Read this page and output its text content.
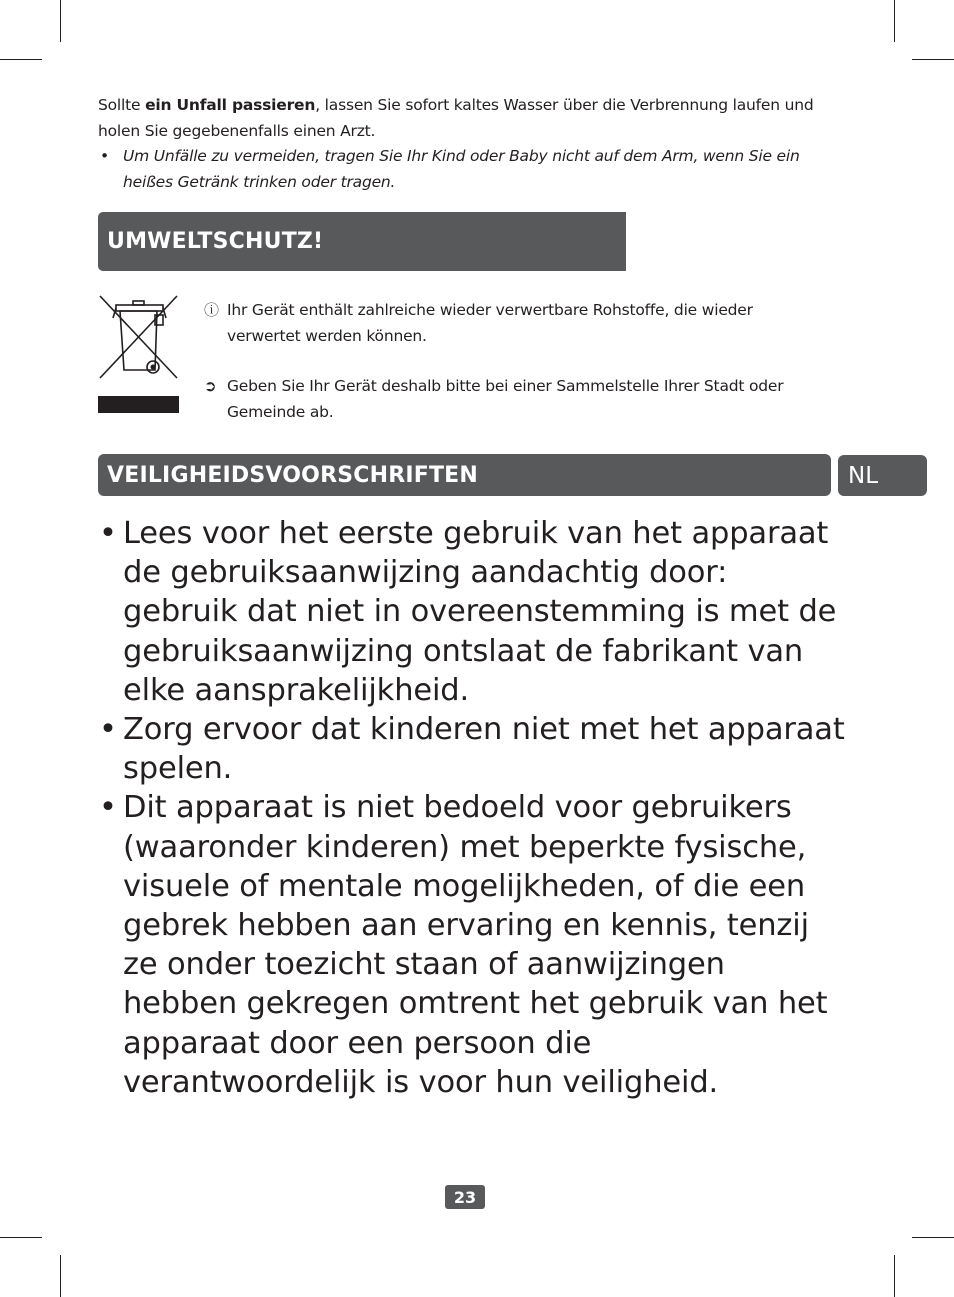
Sollte ein Unfall passieren, lassen Sie sofort kaltes Wasser über die Verbrennung laufen und holen Sie gegebenenfalls einen Arzt.

• Um Unfälle zu vermeiden, tragen Sie Ihr Kind oder Baby nicht auf dem Arm, wenn Sie ein heißes Getränk trinken oder tragen.

UMWELTSCHUTZ!
ⓘ Ihr Gerät enthält zahlreiche wieder verwertbare Rohstoffe, die wieder verwertet werden können.
➲ Geben Sie Ihr Gerät deshalb bitte bei einer Sammelstelle Ihrer Stadt oder Gemeinde ab.
VEILIGHEIDSVOORSCHRIFTEN	NL
• Lees voor het eerste gebruik van het apparaat de gebruiksaanwijzing aandachtig door: gebruik dat niet in overeenstemming is met de gebruiksaanwijzing ontslaat de fabrikant van elke aansprakelijkheid.
• Zorg ervoor dat kinderen niet met het apparaat spelen.
• Dit apparaat is niet bedoeld voor gebruikers (waaronder kinderen) met beperkte fysische, visuele of mentale mogelijkheden, of die een gebrek hebben aan ervaring en kennis, tenzij ze onder toezicht staan of aanwijzingen hebben gekregen omtrent het gebruik van het apparaat door een persoon die verantwoordelijk is voor hun veiligheid.
23
